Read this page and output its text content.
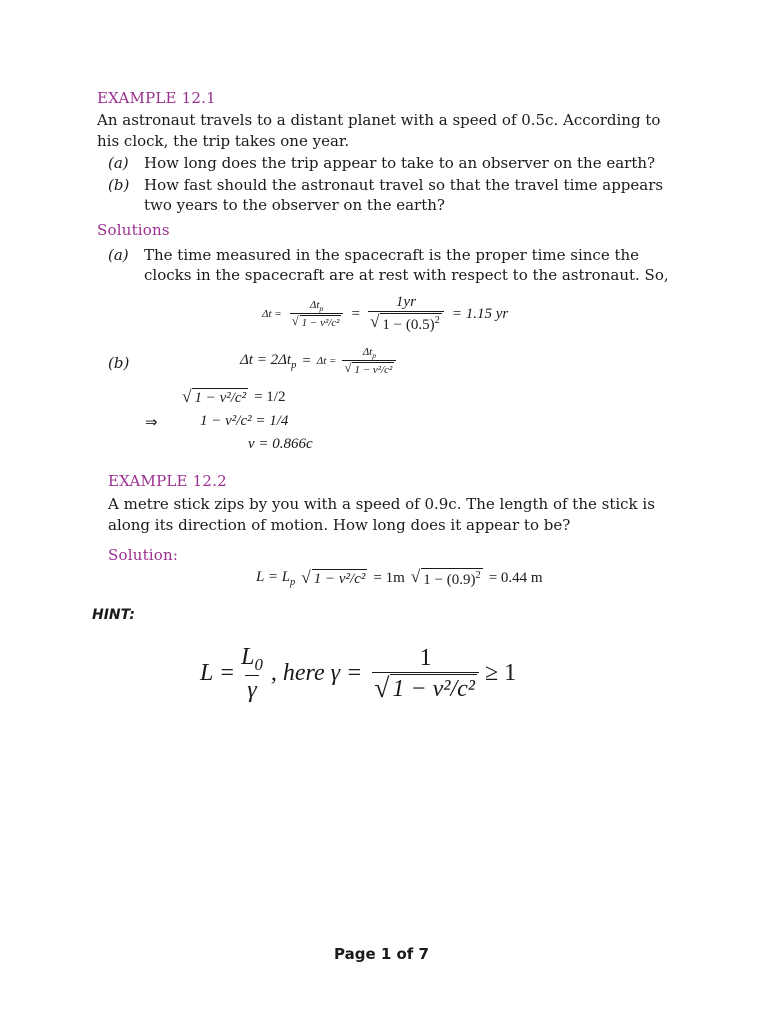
EXAMPLE 12.1
An astronaut travels to a distant planet with a speed of 0.5c. According to
his clock, the trip takes one year.
(a) How long does the trip appear to take to an observer on the earth?
(b) How fast should the astronaut travel so that the travel time appears
two years to the observer on the earth?
Solutions
(a) The time measured in the spacecraft is the proper time since the
clocks in the spacecraft are at rest with respect to the astronaut. So,
$\Delta t = \frac{\Delta t_p}{\text{√ 1 − v²/c²}} = \frac{1yr}{√ 1 - (0.5)^2} = 1.15$ yr
(b)	$\Delta t = 2\Delta t_p = \Delta t = \frac{\Delta t_p}{\text{√ 1 − v²/c²}}$
√ 1 − v²/c² = 1/2
⇒	1 − v²/c² = 1/4
v = 0.866c
EXAMPLE 12.2
A metre stick zips by you with a speed of 0.9c. The length of the stick is
along its direction of motion. How long does it appear to be?
Solution:
$L = L_p$ √ 1 − v²/c² = 1m √ $1 - (0.9)^2 = 0.44$ m
HINT:
$L = \frac{L_0}{\gamma}$ , here $\gamma = \frac{1}{\text{√ 1 − v²/c²}} \ge 1$
Page 1 of 7
